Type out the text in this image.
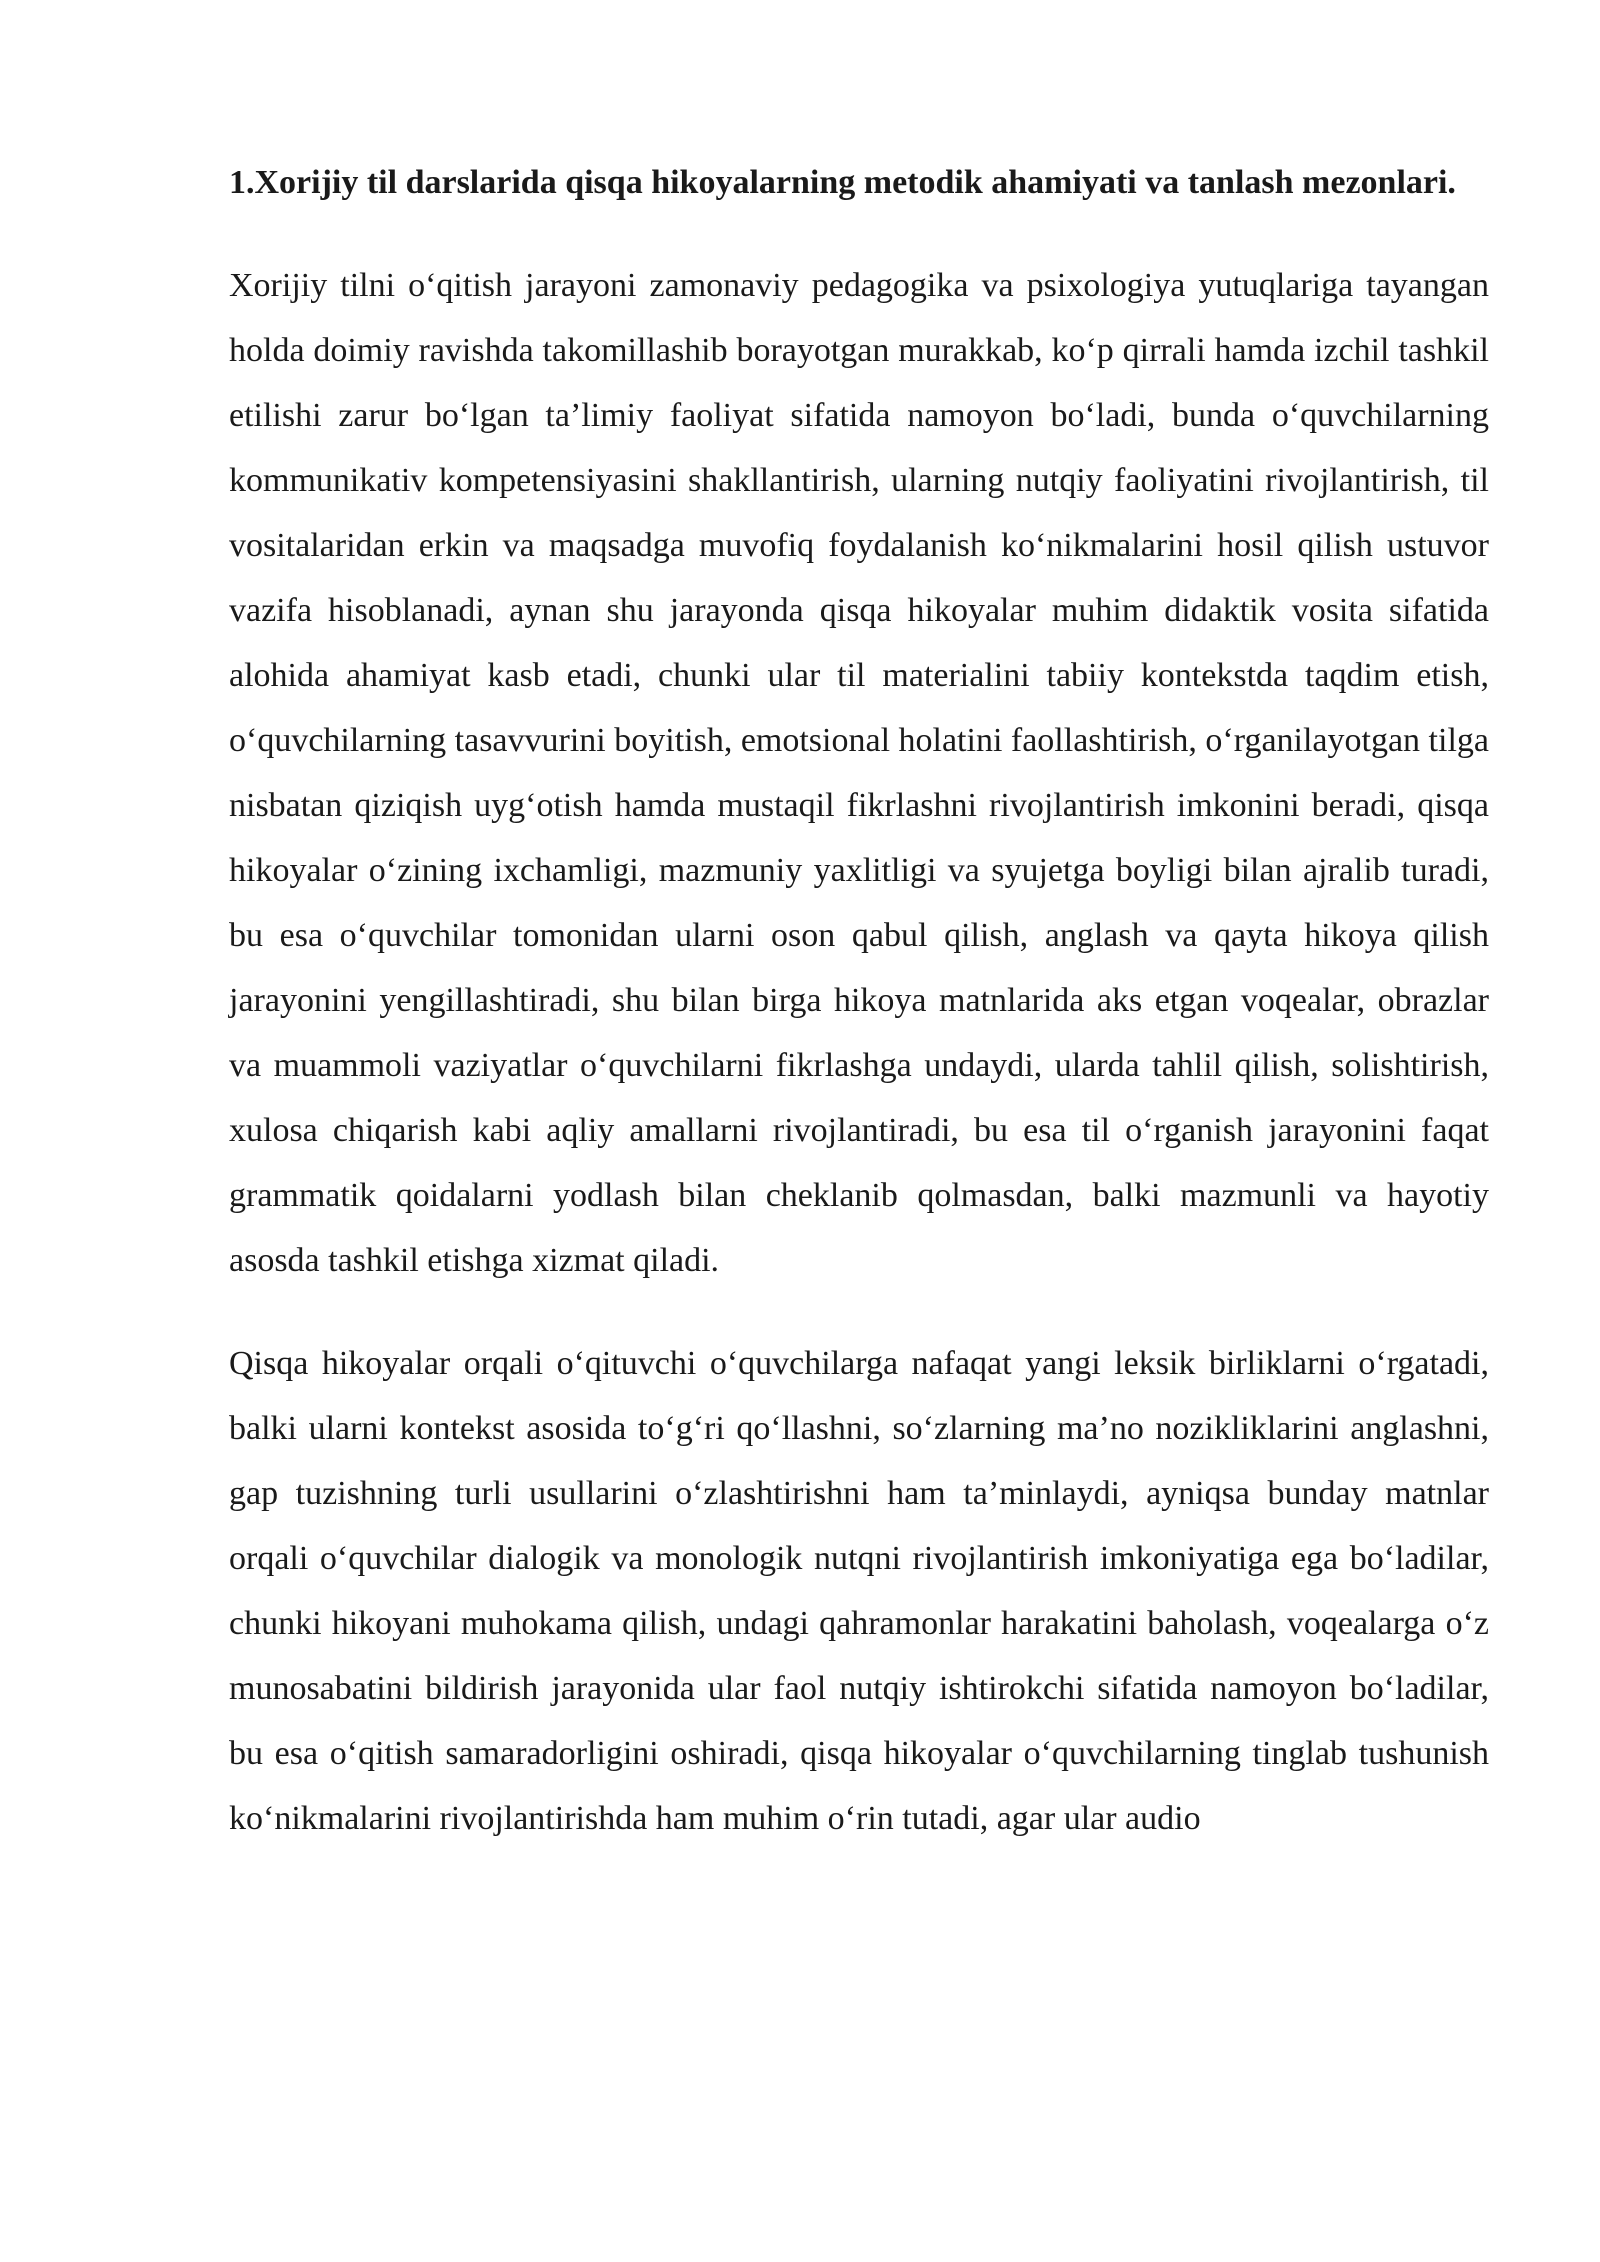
1.Xorijiy til darslarida qisqa hikoyalarning metodik ahamiyati va tanlash mezonlari.

Xorijiy tilni o‘qitish jarayoni zamonaviy pedagogika va psixologiya yutuqlariga tayangan holda doimiy ravishda takomillashib borayotgan murakkab, ko‘p qirrali hamda izchil tashkil etilishi zarur bo‘lgan ta’limiy faoliyat sifatida namoyon bo‘ladi, bunda o‘quvchilarning kommunikativ kompetensiyasini shakllantirish, ularning nutqiy faoliyatini rivojlantirish, til vositalaridan erkin va maqsadga muvofiq foydalanish ko‘nikmalarini hosil qilish ustuvor vazifa hisoblanadi, aynan shu jarayonda qisqa hikoyalar muhim didaktik vosita sifatida alohida ahamiyat kasb etadi, chunki ular til materialini tabiiy kontekstda taqdim etish, o‘quvchilarning tasavvurini boyitish, emotsional holatini faollashtirish, o‘rganilayotgan tilga nisbatan qiziqish uyg‘otish hamda mustaqil fikrlashni rivojlantirish imkonini beradi, qisqa hikoyalar o‘zining ixchamligi, mazmuniy yaxlitligi va syujetga boyligi bilan ajralib turadi, bu esa o‘quvchilar tomonidan ularni oson qabul qilish, anglash va qayta hikoya qilish jarayonini yengillashtiradi, shu bilan birga hikoya matnlarida aks etgan voqealar, obrazlar va muammoli vaziyatlar o‘quvchilarni fikrlashga undaydi, ularda tahlil qilish, solishtirish, xulosa chiqarish kabi aqliy amallarni rivojlantiradi, bu esa til o‘rganish jarayonini faqat grammatik qoidalarni yodlash bilan cheklanib qolmasdan, balki mazmunli va hayotiy asosda tashkil etishga xizmat qiladi.

Qisqa hikoyalar orqali o‘qituvchi o‘quvchilarga nafaqat yangi leksik birliklarni o‘rgatadi, balki ularni kontekst asosida to‘g‘ri qo‘llashni, so‘zlarning ma’no nozikliklarini anglashni, gap tuzishning turli usullarini o‘zlashtirishni ham ta’minlaydi, ayniqsa bunday matnlar orqali o‘quvchilar dialogik va monologik nutqni rivojlantirish imkoniyatiga ega bo‘ladilar, chunki hikoyani muhokama qilish, undagi qahramonlar harakatini baholash, voqealarga o‘z munosabatini bildirish jarayonida ular faol nutqiy ishtirokchi sifatida namoyon bo‘ladilar, bu esa o‘qitish samaradorligini oshiradi, qisqa hikoyalar o‘quvchilarning tinglab tushunish ko‘nikmalarini rivojlantirishda ham muhim o‘rin tutadi, agar ular audio
